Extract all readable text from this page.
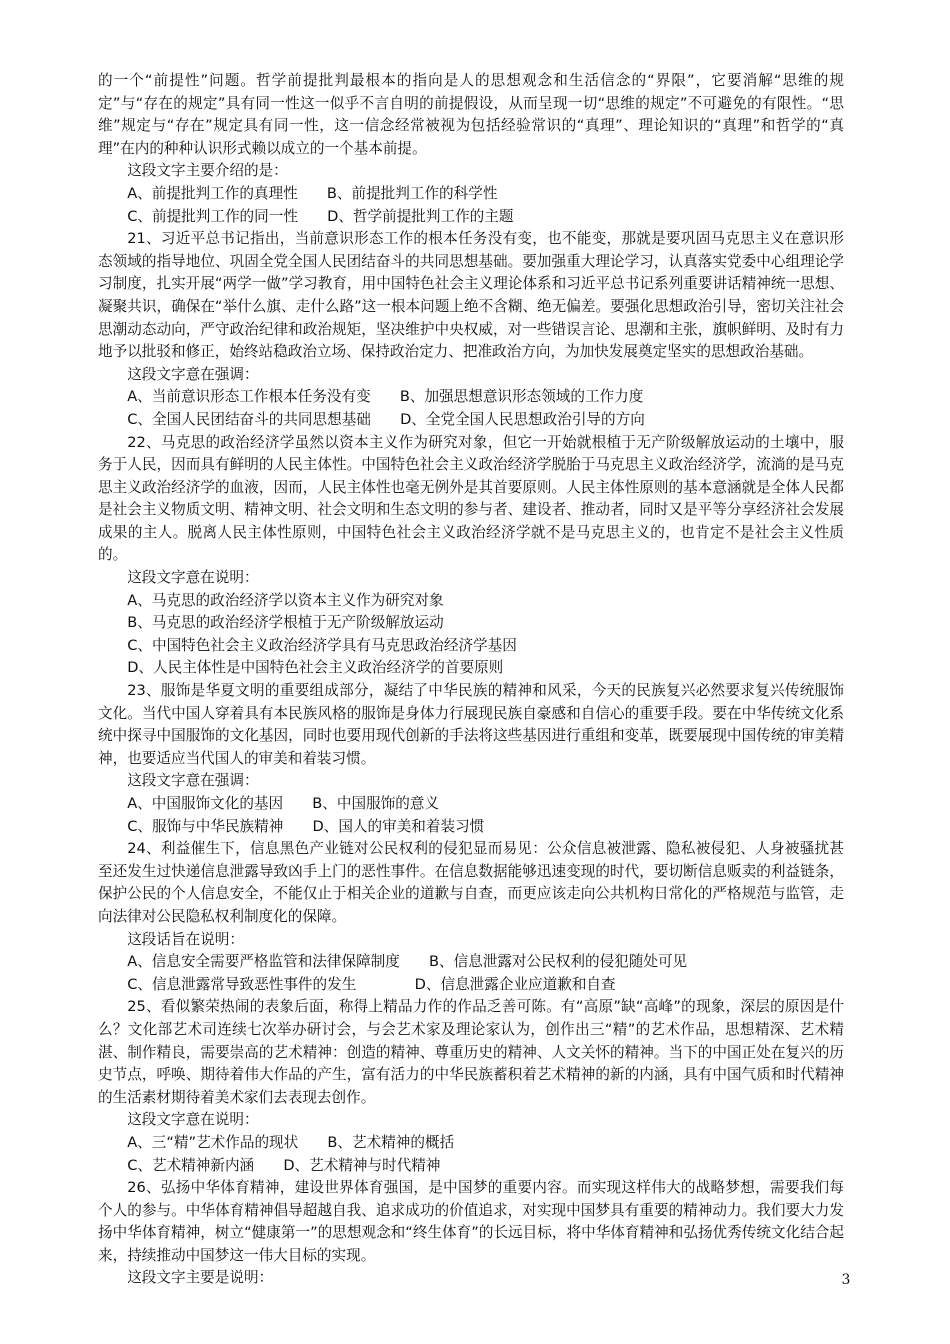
的一个“前提性”问题。哲学前提批判最根本的指向是人的思想观念和生活信念的“界限”，它要消解“思维的规定”与“存在的规定”具有同一性这一似乎不言自明的前提假设，从而呈现一切“思维的规定”不可避免的有限性。“思维”规定与“存在”规定具有同一性，这一信念经常被视为包括经验常识的“真理”、理论知识的“真理”和哲学的“真理”在内的种种认识形式赖以成立的一个基本前提。

这段文字主要介绍的是：

A、前提批判工作的真理性　　B、前提批判工作的科学性

C、前提批判工作的同一性　　D、哲学前提批判工作的主题

21、习近平总书记指出，当前意识形态工作的根本任务没有变，也不能变，那就是要巩固马克思主义在意识形态领域的指导地位、巩固全党全国人民团结奋斗的共同思想基础。要加强重大理论学习，认真落实党委中心组理论学习制度，扎实开展“两学一做”学习教育，用中国特色社会主义理论体系和习近平总书记系列重要讲话精神统一思想、凝聚共识，确保在“举什么旗、走什么路”这一根本问题上绝不含糊、绝无偏差。要强化思想政治引导，密切关注社会思潮动态动向，严守政治纪律和政治规矩，坚决维护中央权威，对一些错误言论、思潮和主张，旗帜鲜明、及时有力地予以批驳和修正，始终站稳政治立场、保持政治定力、把准政治方向，为加快发展奠定坚实的思想政治基础。

这段文字意在强调：

A、当前意识形态工作根本任务没有变　　B、加强思想意识形态领域的工作力度

C、全国人民团结奋斗的共同思想基础　　D、全党全国人民思想政治引导的方向

22、马克思的政治经济学虽然以资本主义作为研究对象，但它一开始就根植于无产阶级解放运动的土壤中，服务于人民，因而具有鲜明的人民主体性。中国特色社会主义政治经济学脱胎于马克思主义政治经济学，流淌的是马克思主义政治经济学的血液，因而，人民主体性也毫无例外是其首要原则。人民主体性原则的基本意涵就是全体人民都是社会主义物质文明、精神文明、社会文明和生态文明的参与者、建设者、推动者，同时又是平等分享经济社会发展成果的主人。脱离人民主体性原则，中国特色社会主义政治经济学就不是马克思主义的，也肯定不是社会主义性质的。

这段文字意在说明：

A、马克思的政治经济学以资本主义作为研究对象

B、马克思的政治经济学根植于无产阶级解放运动

C、中国特色社会主义政治经济学具有马克思政治经济学基因

D、人民主体性是中国特色社会主义政治经济学的首要原则

23、服饰是华夏文明的重要组成部分，凝结了中华民族的精神和风采，今天的民族复兴必然要求复兴传统服饰文化。当代中国人穿着具有本民族风格的服饰是身体力行展现民族自豪感和自信心的重要手段。要在中华传统文化系统中探寻中国服饰的文化基因，同时也要用现代创新的手法将这些基因进行重组和变革，既要展现中国传统的审美精神，也要适应当代国人的审美和着装习惯。

这段文字意在强调：

A、中国服饰文化的基因　　B、中国服饰的意义

C、服饰与中华民族精神　　D、国人的审美和着装习惯

24、利益催生下，信息黑色产业链对公民权利的侵犯显而易见：公众信息被泄露、隐私被侵犯、人身被骚扰甚至还发生过快递信息泄露导致凶手上门的恶性事件。在信息数据能够迅速变现的时代，要切断信息贩卖的利益链条，保护公民的个人信息安全，不能仅止于相关企业的道歉与自查，而更应该走向公共机构日常化的严格规范与监管，走向法律对公民隐私权利制度化的保障。

这段话旨在说明：

A、信息安全需要严格监管和法律保障制度　　B、信息泄露对公民权利的侵犯随处可见

C、信息泄露常导致恶性事件的发生　　　　D、信息泄露企业应道歉和自查

25、看似繁荣热闹的表象后面，称得上精品力作的作品乏善可陈。有“高原”缺“高峰”的现象，深层的原因是什么？文化部艺术司连续七次举办研讨会，与会艺术家及理论家认为，创作出三“精”的艺术作品，思想精深、艺术精湛、制作精良，需要崇高的艺术精神：创造的精神、尊重历史的精神、人文关怀的精神。当下的中国正处在复兴的历史节点，呼唤、期待着伟大作品的产生，富有活力的中华民族蓄积着艺术精神的新的内涵，具有中国气质和时代精神的生活素材期待着美术家们去表现去创作。

这段文字意在说明：

A、三“精”艺术作品的现状　　B、艺术精神的概括

C、艺术精神新内涵　　D、艺术精神与时代精神

26、弘扬中华体育精神，建设世界体育强国，是中国梦的重要内容。而实现这样伟大的战略梦想，需要我们每个人的参与。中华体育精神倡导超越自我、追求成功的价值追求，对实现中国梦具有重要的精神动力。我们要大力发扬中华体育精神，树立“健康第一”的思想观念和“终生体育”的长远目标，将中华体育精神和弘扬优秀传统文化结合起来，持续推动中国梦这一伟大目标的实现。

这段文字主要是说明：	3
